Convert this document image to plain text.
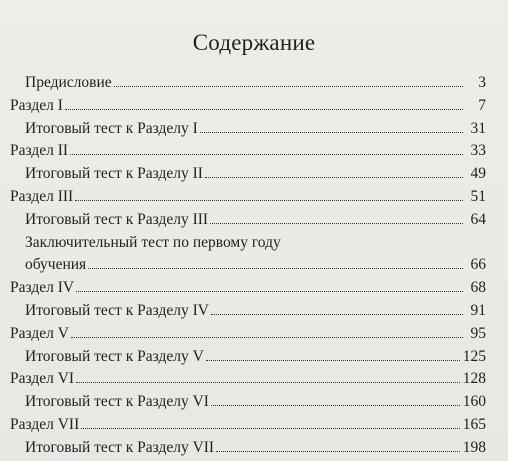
Содержание
Предисловие	3
Раздел I	7
Итоговый тест к Разделу I	31
Раздел II	33
Итоговый тест к Разделу II	49
Раздел III	51
Итоговый тест к Разделу III	64
Заключительный тест по первому году
обучения	66
Раздел IV	68
Итоговый тест к Разделу IV	91
Раздел V	95
Итоговый тест к Разделу V	125
Раздел VI	128
Итоговый тест к Разделу VI	160
Раздел VII	165
Итоговый тест к Разделу VII	198
